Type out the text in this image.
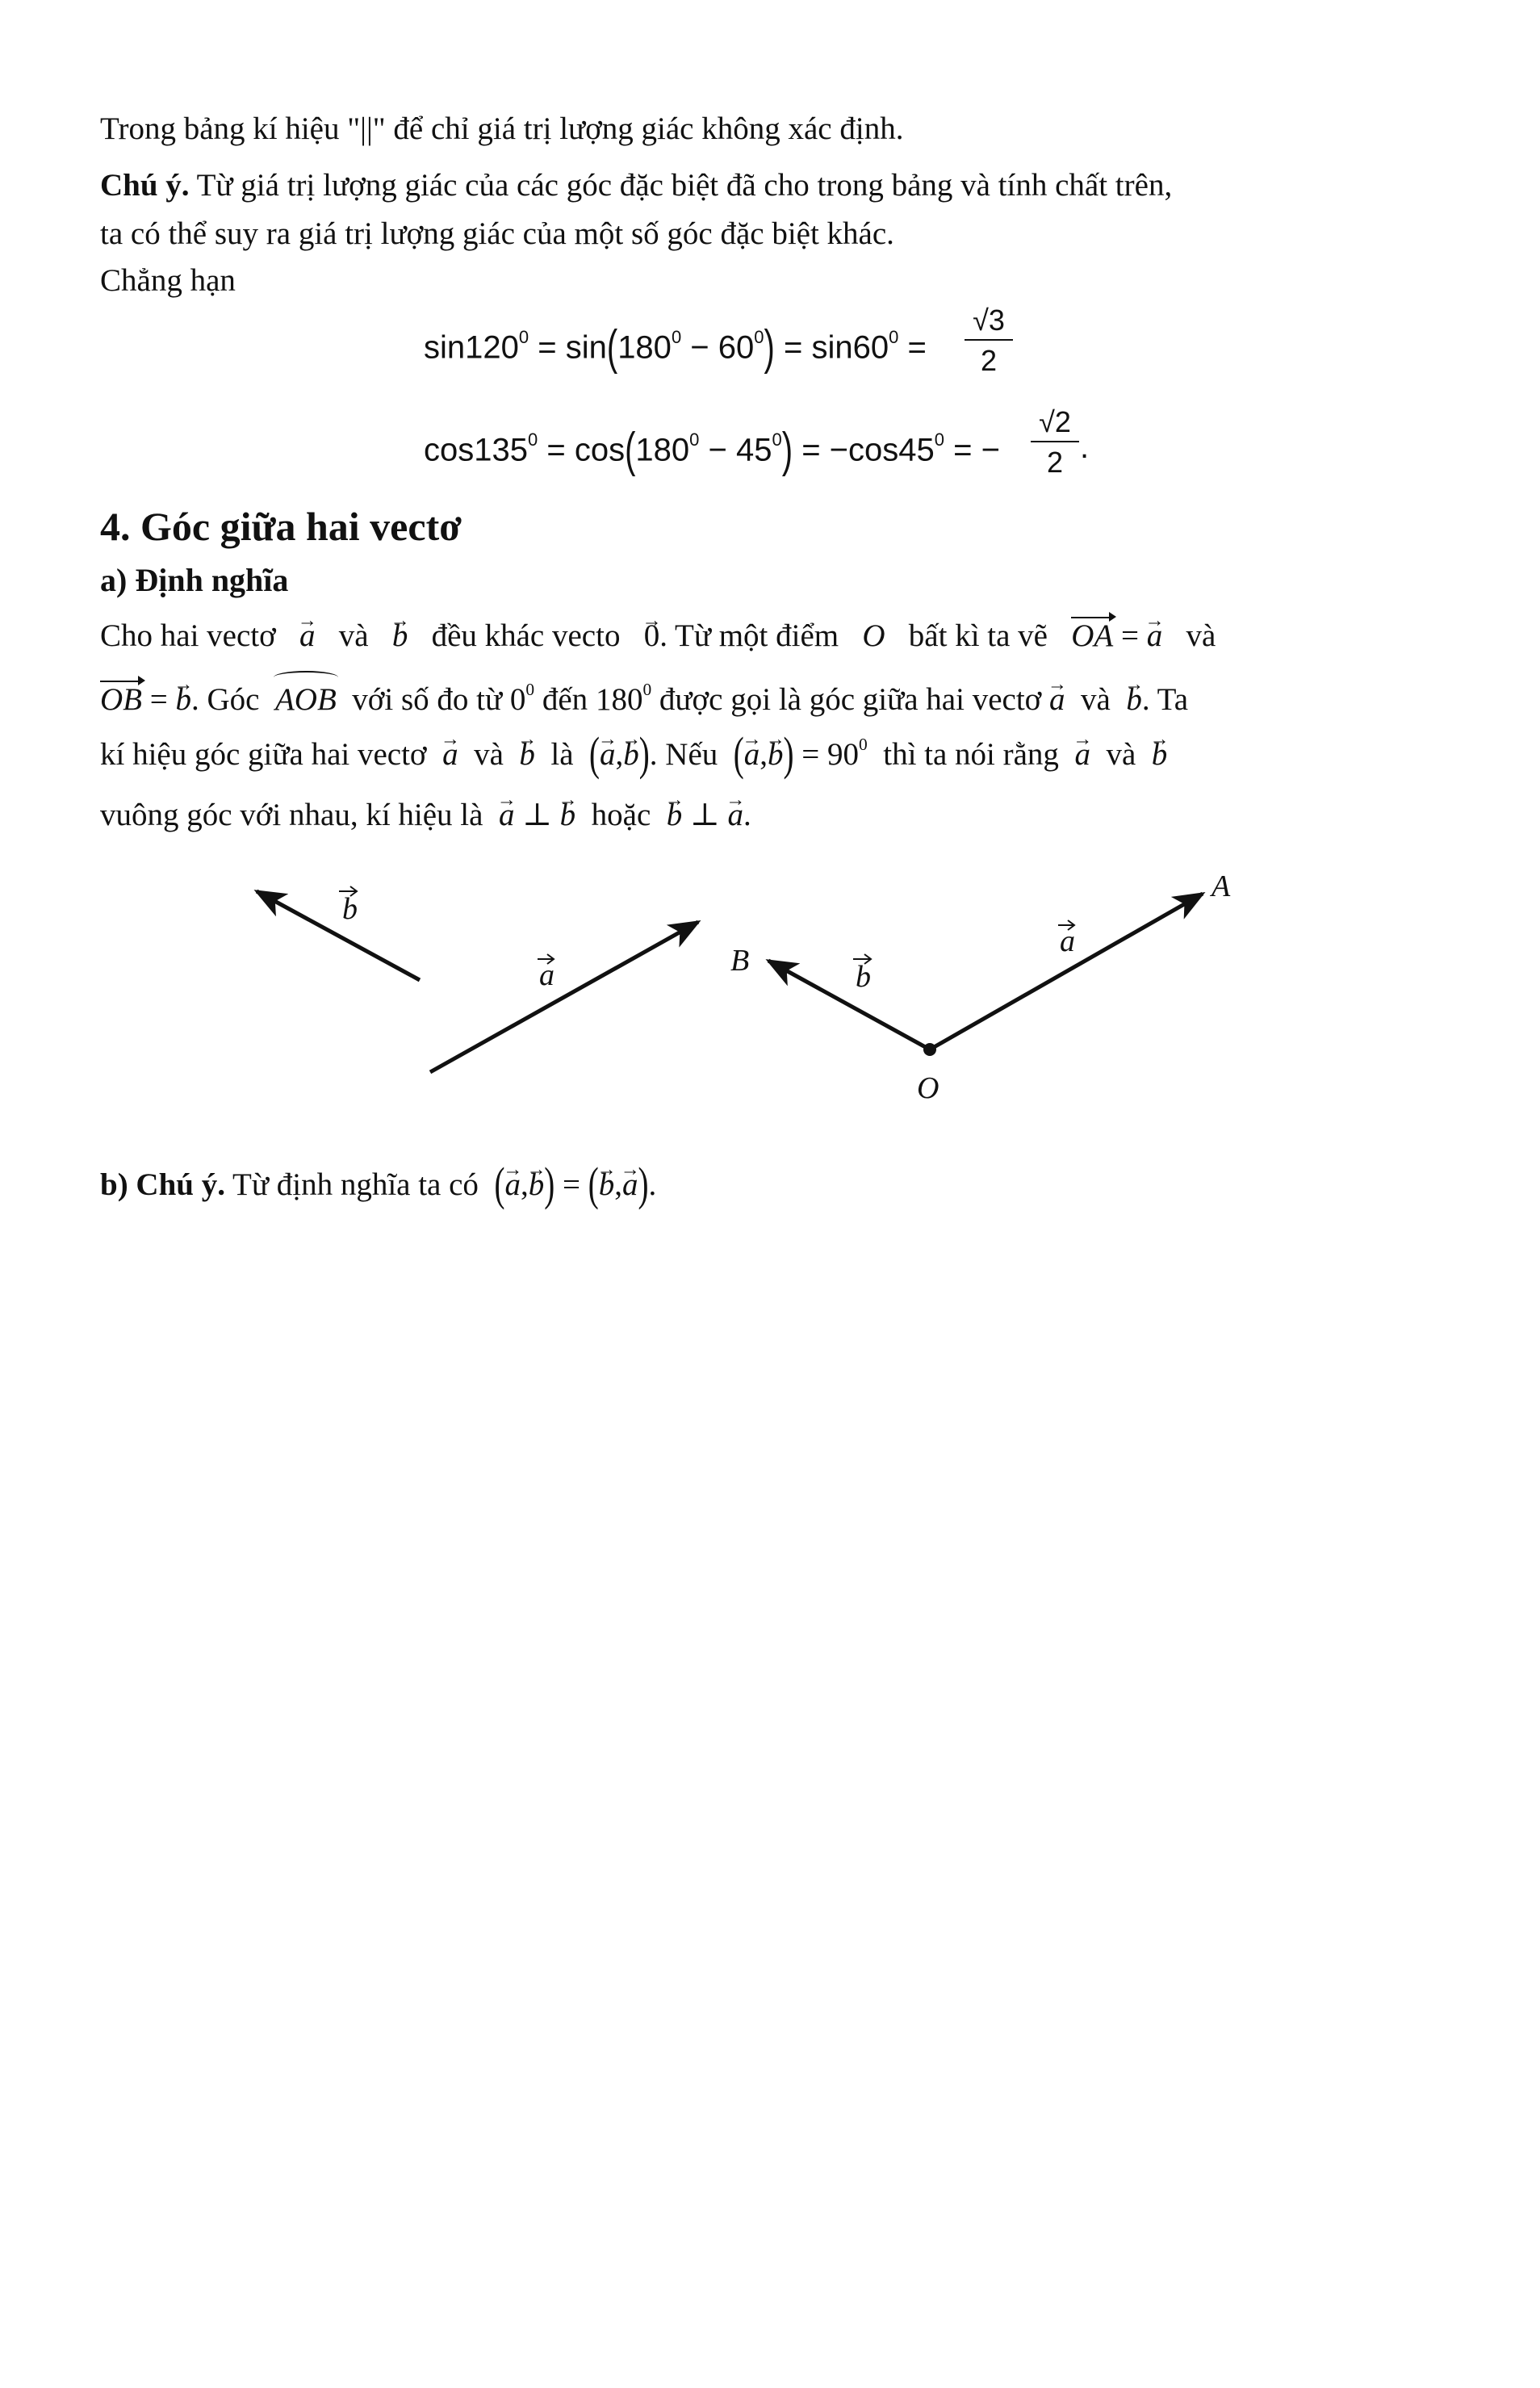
Trong bảng kí hiệu "||" để chỉ giá trị lượng giác không xác định.
Chú ý. Từ giá trị lượng giác của các góc đặc biệt đã cho trong bảng và tính chất trên,
ta có thể suy ra giá trị lượng giác của một số góc đặc biệt khác.
Chẳng hạn
$\sin 120^0 = \sin(180^0 - 60^0) = \sin 60^0 = \frac{√3}{2}$
$\cos 135^0 = \cos(180^0 - 45^0) = -\cos 45^0$ = − $\frac{√2}{2}$ .
4. Góc giữa hai vectơ
a) Định nghĩa
Cho hai vectơ → a và → b đều khác vecto → 0. Từ một điểm O bất kì ta vẽ OA = → a và
OB = → b. Góc AOB với số đo từ $0^0$ đến $180^0$ được gọi là góc giữa hai vectơ → a và → b. Ta
kí hiệu góc giữa hai vectơ → a và → b là (→ a,→ b). Nếu (→ $a,\to b) = 90^0$ thì ta nói rằng → a và → b
vuông góc với nhau, kí hiệu là → a ⊥ → b hoặc → b ⊥ → a.
b
a	B
A
O
b
a
b) Chú ý. Từ định nghĩa ta có (→ a,→ b) = (→ b,→ a).
